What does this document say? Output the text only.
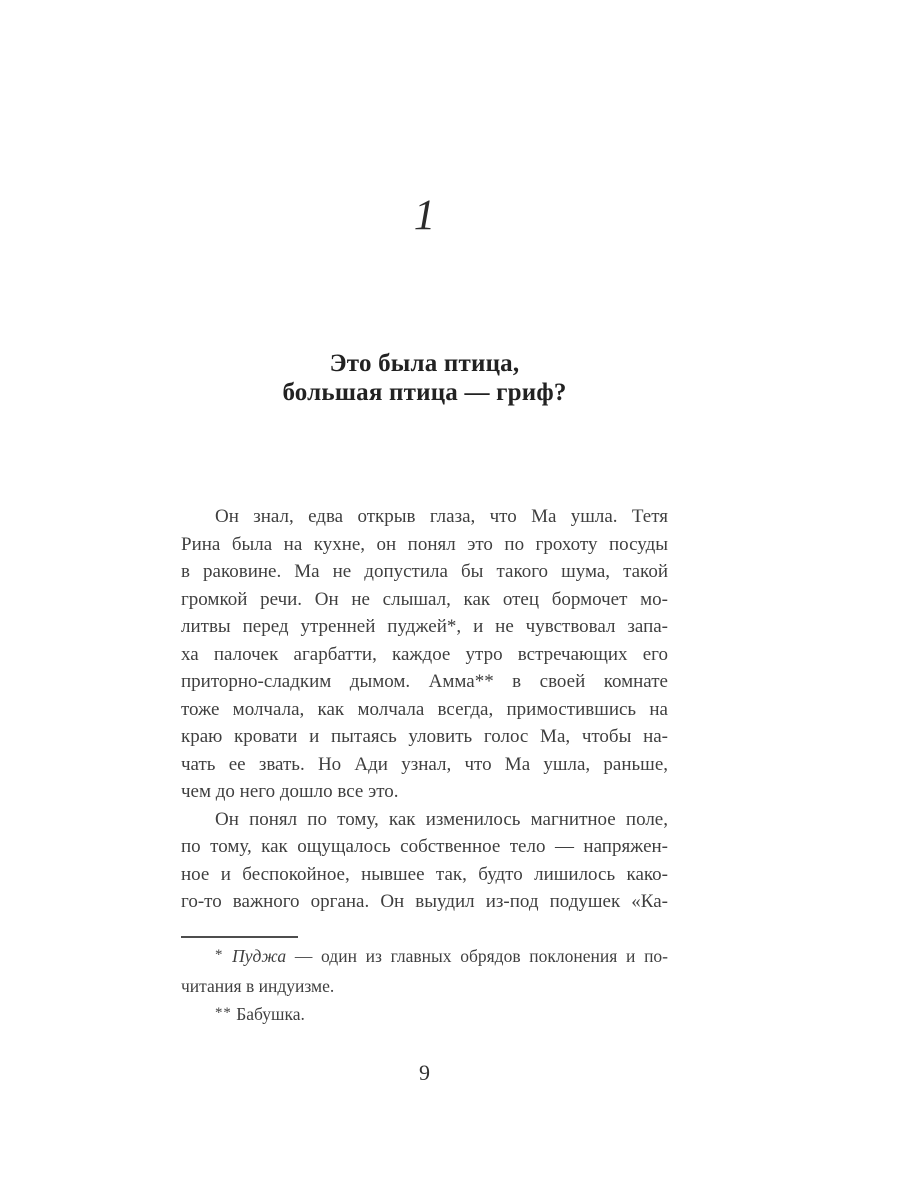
1
Это была птица,
большая птица — гриф?
Он знал, едва открыв глаза, что Ма ушла. Тетя
Рина была на кухне, он понял это по грохоту посуды
в раковине. Ма не допустила бы такого шума, такой
громкой речи. Он не слышал, как отец бормочет мо-
литвы перед утренней пуджей*, и не чувствовал запа-
ха палочек агарбатти, каждое утро встречающих его
приторно-сладким дымом. Амма** в своей комнате
тоже молчала, как молчала всегда, примостившись на
краю кровати и пытаясь уловить голос Ма, чтобы на-
чать ее звать. Но Ади узнал, что Ма ушла, раньше,
чем до него дошло все это.
Он понял по тому, как изменилось магнитное поле,
по тому, как ощущалось собственное тело — напряжен-
ное и беспокойное, нывшее так, будто лишилось како-
го-то важного органа. Он выудил из-под подушек «Ка-
* Пуджа — один из главных обрядов поклонения и по-
читания в индуизме.
** Бабушка.
9
